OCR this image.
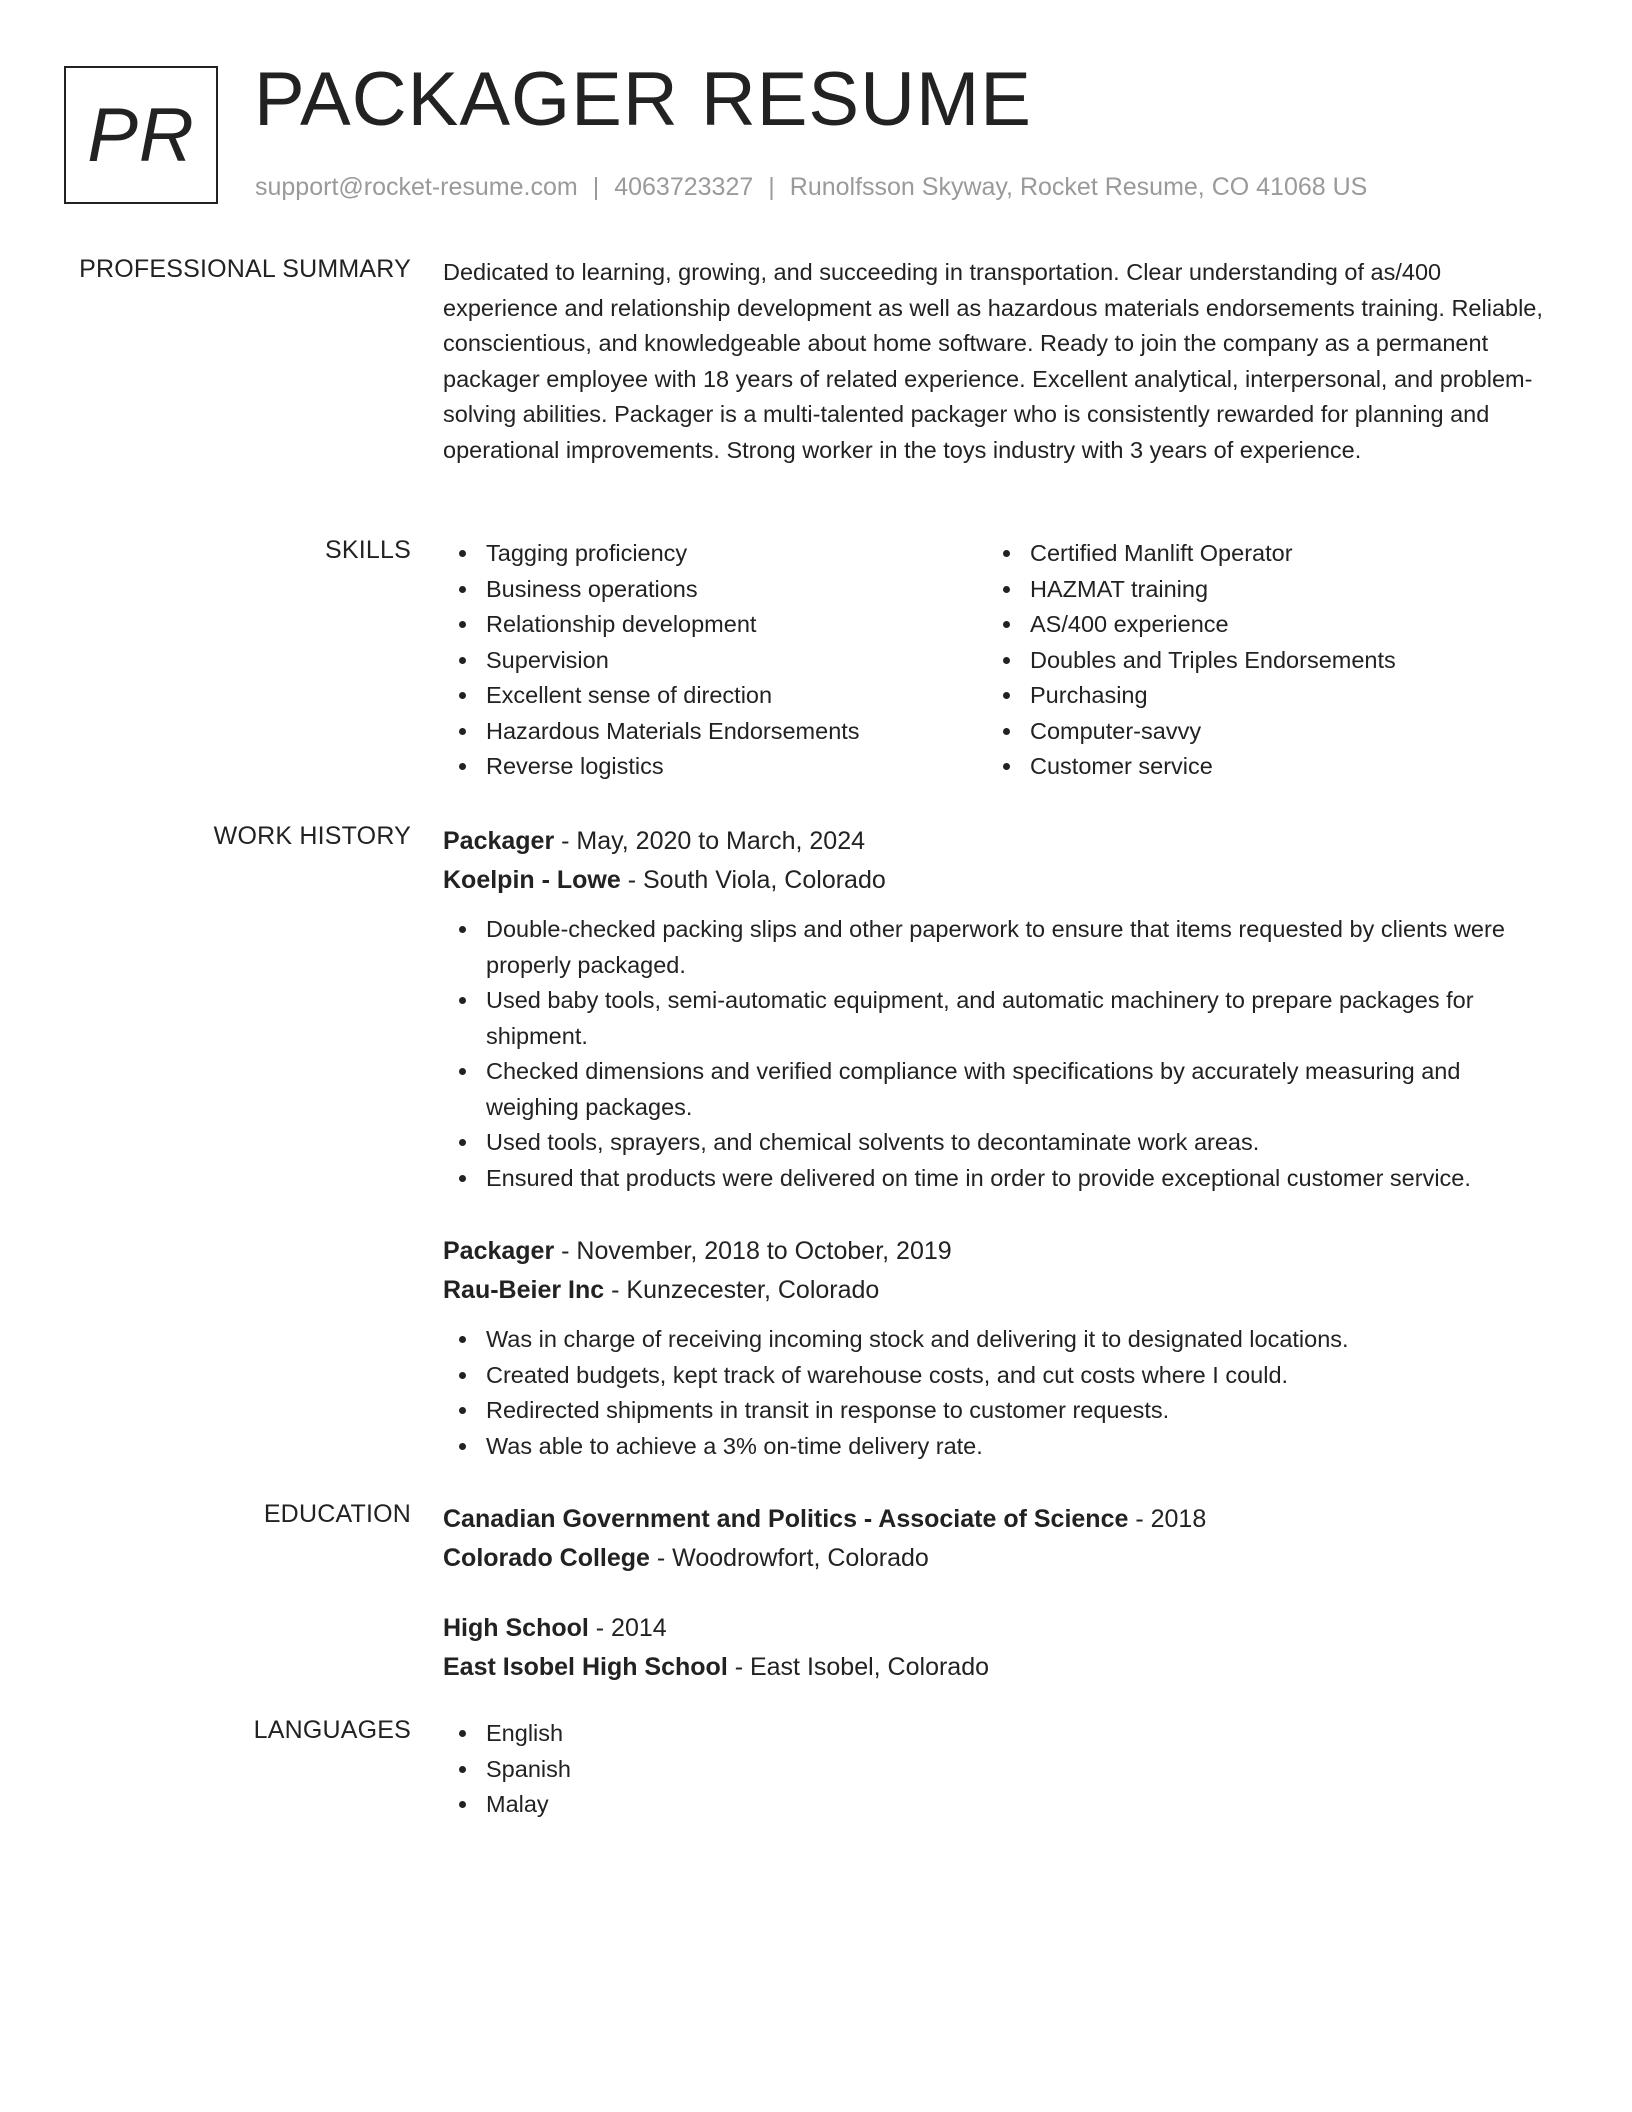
PR PACKAGER RESUME
support@rocket-resume.com | 4063723327 | Runolfsson Skyway, Rocket Resume, CO 41068 US
PROFESSIONAL SUMMARY Dedicated to learning, growing, and succeeding in transportation. Clear understanding of as/400 experience and relationship development as well as hazardous materials endorsements training. Reliable, conscientious, and knowledgeable about home software. Ready to join the company as a permanent packager employee with 18 years of related experience. Excellent analytical, interpersonal, and problem-solving abilities. Packager is a multi-talented packager who is consistently rewarded for planning and operational improvements. Strong worker in the toys industry with 3 years of experience.

SKILLS	Tagging proficiency
Business operations
Relationship development
Supervision
Excellent sense of direction
Hazardous Materials Endorsements
Reverse logistics
Certified Manlift Operator
HAZMAT training
AS/400 experience
Doubles and Triples Endorsements
Purchasing
Computer-savvy
Customer service
WORK HISTORY Packager - May, 2020 to March, 2024
Koelpin - Lowe - South Viola, Colorado
Double-checked packing slips and other paperwork to ensure that items requested by clients were properly packaged.
Used baby tools, semi-automatic equipment, and automatic machinery to prepare packages for shipment.
Checked dimensions and verified compliance with specifications by accurately measuring and weighing packages.
Used tools, sprayers, and chemical solvents to decontaminate work areas.
Ensured that products were delivered on time in order to provide exceptional customer service.
Packager - November, 2018 to October, 2019
Rau-Beier Inc - Kunzecester, Colorado
Was in charge of receiving incoming stock and delivering it to designated locations.
Created budgets, kept track of warehouse costs, and cut costs where I could.
Redirected shipments in transit in response to customer requests.
Was able to achieve a 3% on-time delivery rate.
EDUCATION Canadian Government and Politics - Associate of Science - 2018
Colorado College - Woodrowfort, Colorado
High School - 2014
East Isobel High School - East Isobel, Colorado
LANGUAGES	English
Spanish
Malay
